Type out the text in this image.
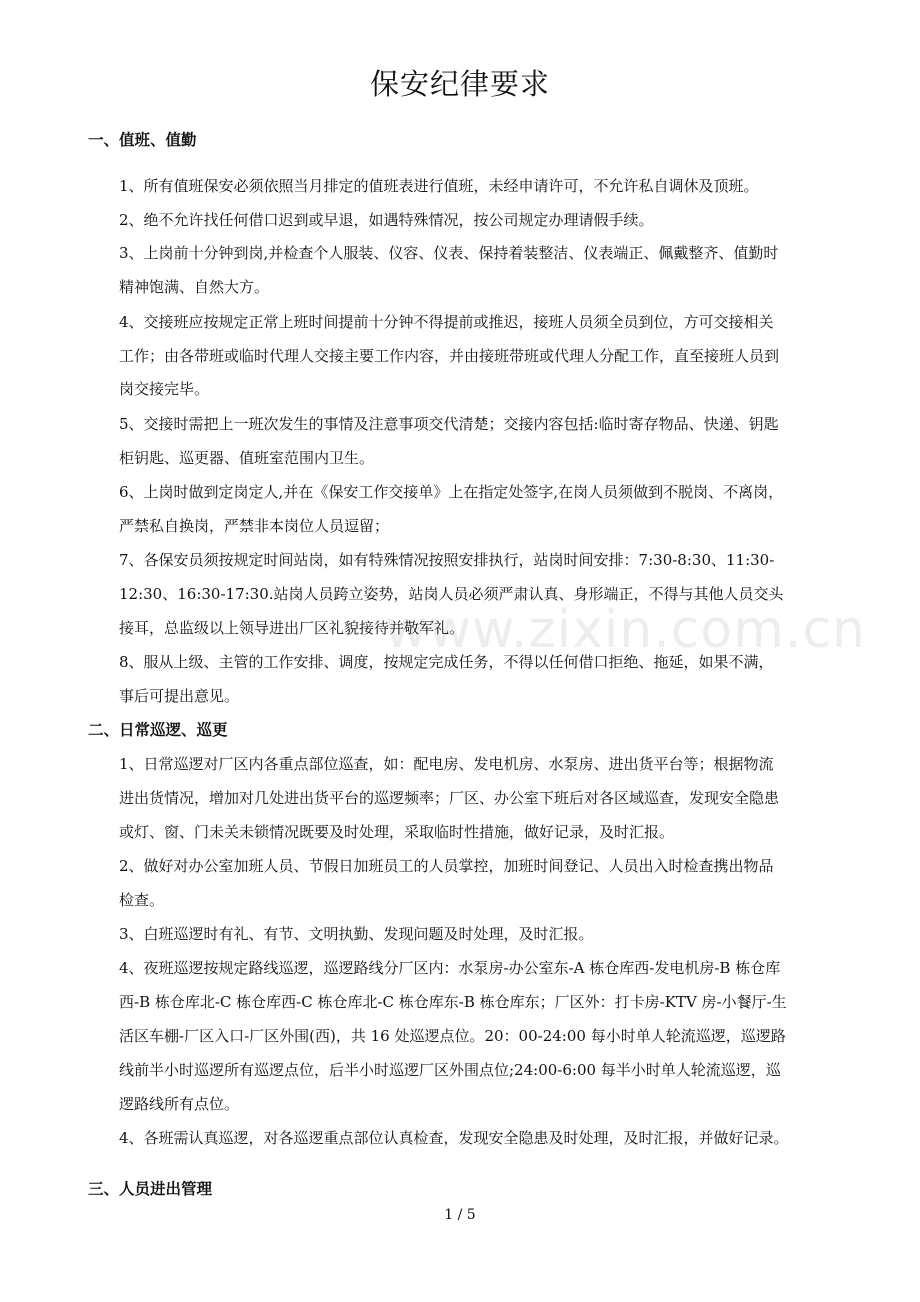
www.zixin.com.cn
保安纪律要求
一、值班、值勤
1、所有值班保安必须依照当月排定的值班表进行值班，未经申请许可，不允许私自调休及顶班。
2、绝不允许找任何借口迟到或早退，如遇特殊情况，按公司规定办理请假手续。
3、上岗前十分钟到岗,并检查个人服装、仪容、仪表、保持着装整洁、仪表端正、佩戴整齐、值勤时
精神饱满、自然大方。
4、交接班应按规定正常上班时间提前十分钟不得提前或推迟，接班人员须全员到位，方可交接相关
工作；由各带班或临时代理人交接主要工作内容，并由接班带班或代理人分配工作，直至接班人员到
岗交接完毕。
5、交接时需把上一班次发生的事情及注意事项交代清楚；交接内容包括:临时寄存物品、快递、钥匙
柜钥匙、巡更器、值班室范围内卫生。
6、上岗时做到定岗定人,并在《保安工作交接单》上在指定处签字,在岗人员须做到不脱岗、不离岗，
严禁私自换岗，严禁非本岗位人员逗留；
7、各保安员须按规定时间站岗，如有特殊情况按照安排执行，站岗时间安排：7:30-8:30、11:30-
12:30、16:30-17:30.站岗人员跨立姿势，站岗人员必须严肃认真、身形端正，不得与其他人员交头
接耳，总监级以上领导进出厂区礼貌接待并敬军礼。
8、服从上级、主管的工作安排、调度，按规定完成任务，不得以任何借口拒绝、拖延，如果不满，
事后可提出意见。
二、日常巡逻、巡更
1、日常巡逻对厂区内各重点部位巡查，如：配电房、发电机房、水泵房、进出货平台等；根据物流
进出货情况，增加对几处进出货平台的巡逻频率；厂区、办公室下班后对各区域巡查，发现安全隐患
或灯、窗、门未关未锁情况既要及时处理，采取临时性措施，做好记录，及时汇报。
2、做好对办公室加班人员、节假日加班员工的人员掌控，加班时间登记、人员出入时检查携出物品
检查。
3、白班巡逻时有礼、有节、文明执勤、发现问题及时处理，及时汇报。
4、夜班巡逻按规定路线巡逻，巡逻路线分厂区内：水泵房-办公室东-A 栋仓库西-发电机房-B 栋仓库
西-B 栋仓库北-C 栋仓库西-C 栋仓库北-C 栋仓库东-B 栋仓库东；厂区外：打卡房-KTV 房-小餐厅-生
活区车棚-厂区入口-厂区外围(西)，共 16 处巡逻点位。20：00-24:00 每小时单人轮流巡逻，巡逻路
线前半小时巡逻所有巡逻点位，后半小时巡逻厂区外围点位;24:00-6:00 每半小时单人轮流巡逻，巡
逻路线所有点位。
4、各班需认真巡逻，对各巡逻重点部位认真检查，发现安全隐患及时处理，及时汇报，并做好记录。
三、人员进出管理
1 / 5
